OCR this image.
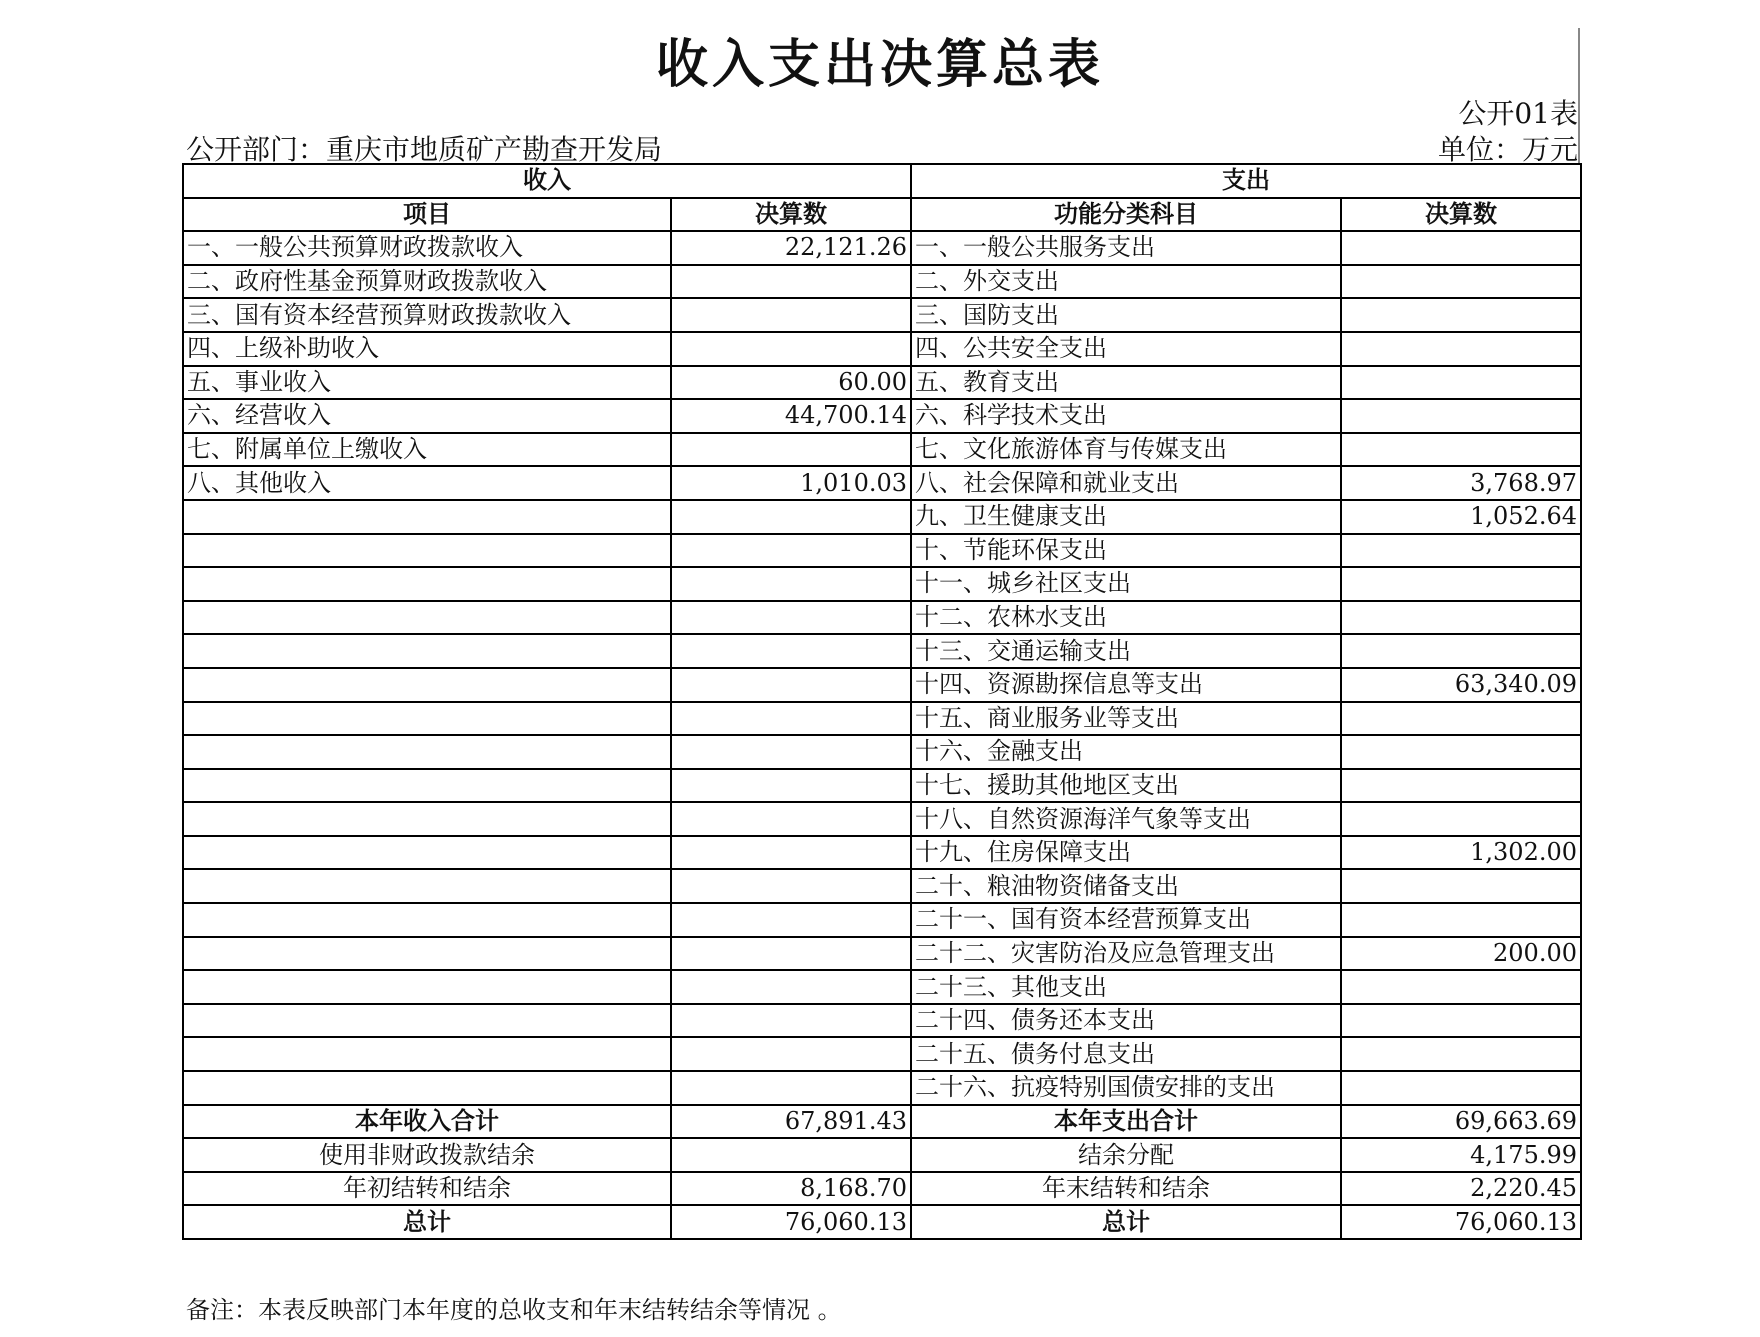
收入支出决算总表
公开01表
公开部门：重庆市地质矿产勘查开发局	单位：万元
收入		支出	
项目	决算数	功能分类科目	决算数
一、一般公共预算财政拨款收入	22,121.26	一、一般公共服务支出	
二、政府性基金预算财政拨款收入		二、外交支出	
三、国有资本经营预算财政拨款收入		三、国防支出	
四、上级补助收入		四、公共安全支出	
五、事业收入	60.00	五、教育支出	
六、经营收入	44,700.14	六、科学技术支出	
七、附属单位上缴收入		七、文化旅游体育与传媒支出	
八、其他收入	1,010.03	八、社会保障和就业支出	3,768.97
		九、卫生健康支出	1,052.64
		十、节能环保支出	
		十一、城乡社区支出	
		十二、农林水支出	
		十三、交通运输支出	
		十四、资源勘探信息等支出	63,340.09
		十五、商业服务业等支出	
		十六、金融支出	
		十七、援助其他地区支出	
		十八、自然资源海洋气象等支出	
		十九、住房保障支出	1,302.00
		二十、粮油物资储备支出	
		二十一、国有资本经营预算支出	
		二十二、灾害防治及应急管理支出	200.00
		二十三、其他支出	
		二十四、债务还本支出	
		二十五、债务付息支出	
		二十六、抗疫特别国债安排的支出	
本年收入合计	67,891.43	本年支出合计	69,663.69
使用非财政拨款结余		结余分配	4,175.99
年初结转和结余	8,168.70	年末结转和结余	2,220.45
总计	76,060.13	总计	76,060.13
备注：本表反映部门本年度的总收支和年末结转结余等情况 。
